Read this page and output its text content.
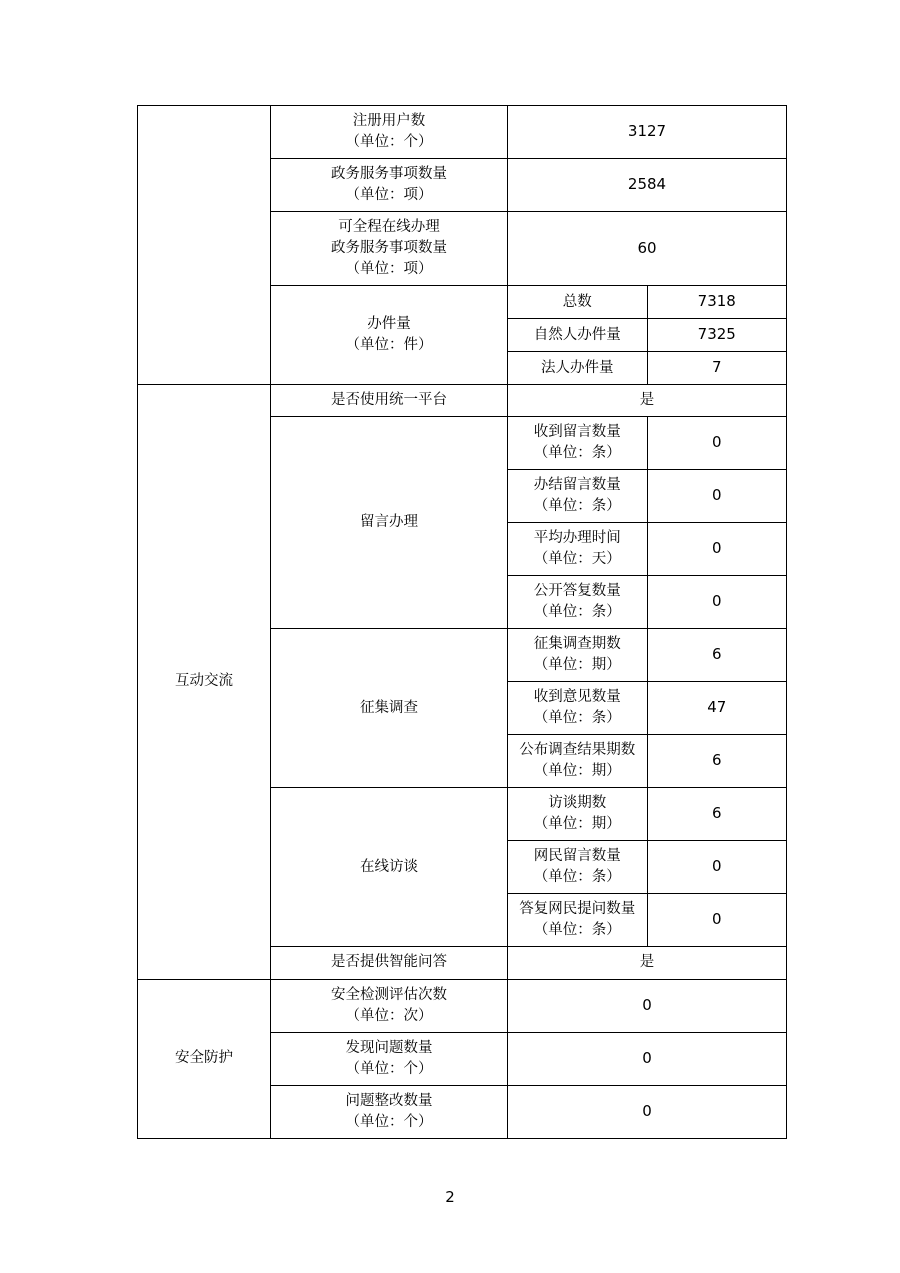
	注册用户数
（单位：个）	3127	

	政务服务事项数量
（单位：项）	2584	

	可全程在线办理
政务服务事项数量
（单位：项）	60	

	办件量
（单位：件）	总数	7318
		自然人办件量	7325
		法人办件量	7
互动交流	是否使用统一平台	是	
	留言办理	收到留言数量
（单位：条）	0

		办结留言数量
（单位：条）	0

		平均办理时间
（单位：天）	0

		公开答复数量
（单位：条）	0
	征集调查	征集调查期数
（单位：期）	6

		收到意见数量
（单位：条）	47

		公布调查结果期数
（单位：期）	6
	在线访谈	访谈期数
（单位：期）	6

		网民留言数量
（单位：条）	0

		答复网民提问数量
（单位：条）	0
	是否提供智能问答	是	
安全防护	安全检测评估次数
（单位：次）	0	

	发现问题数量
（单位：个）	0	

	问题整改数量
（单位：个）	0	
2
